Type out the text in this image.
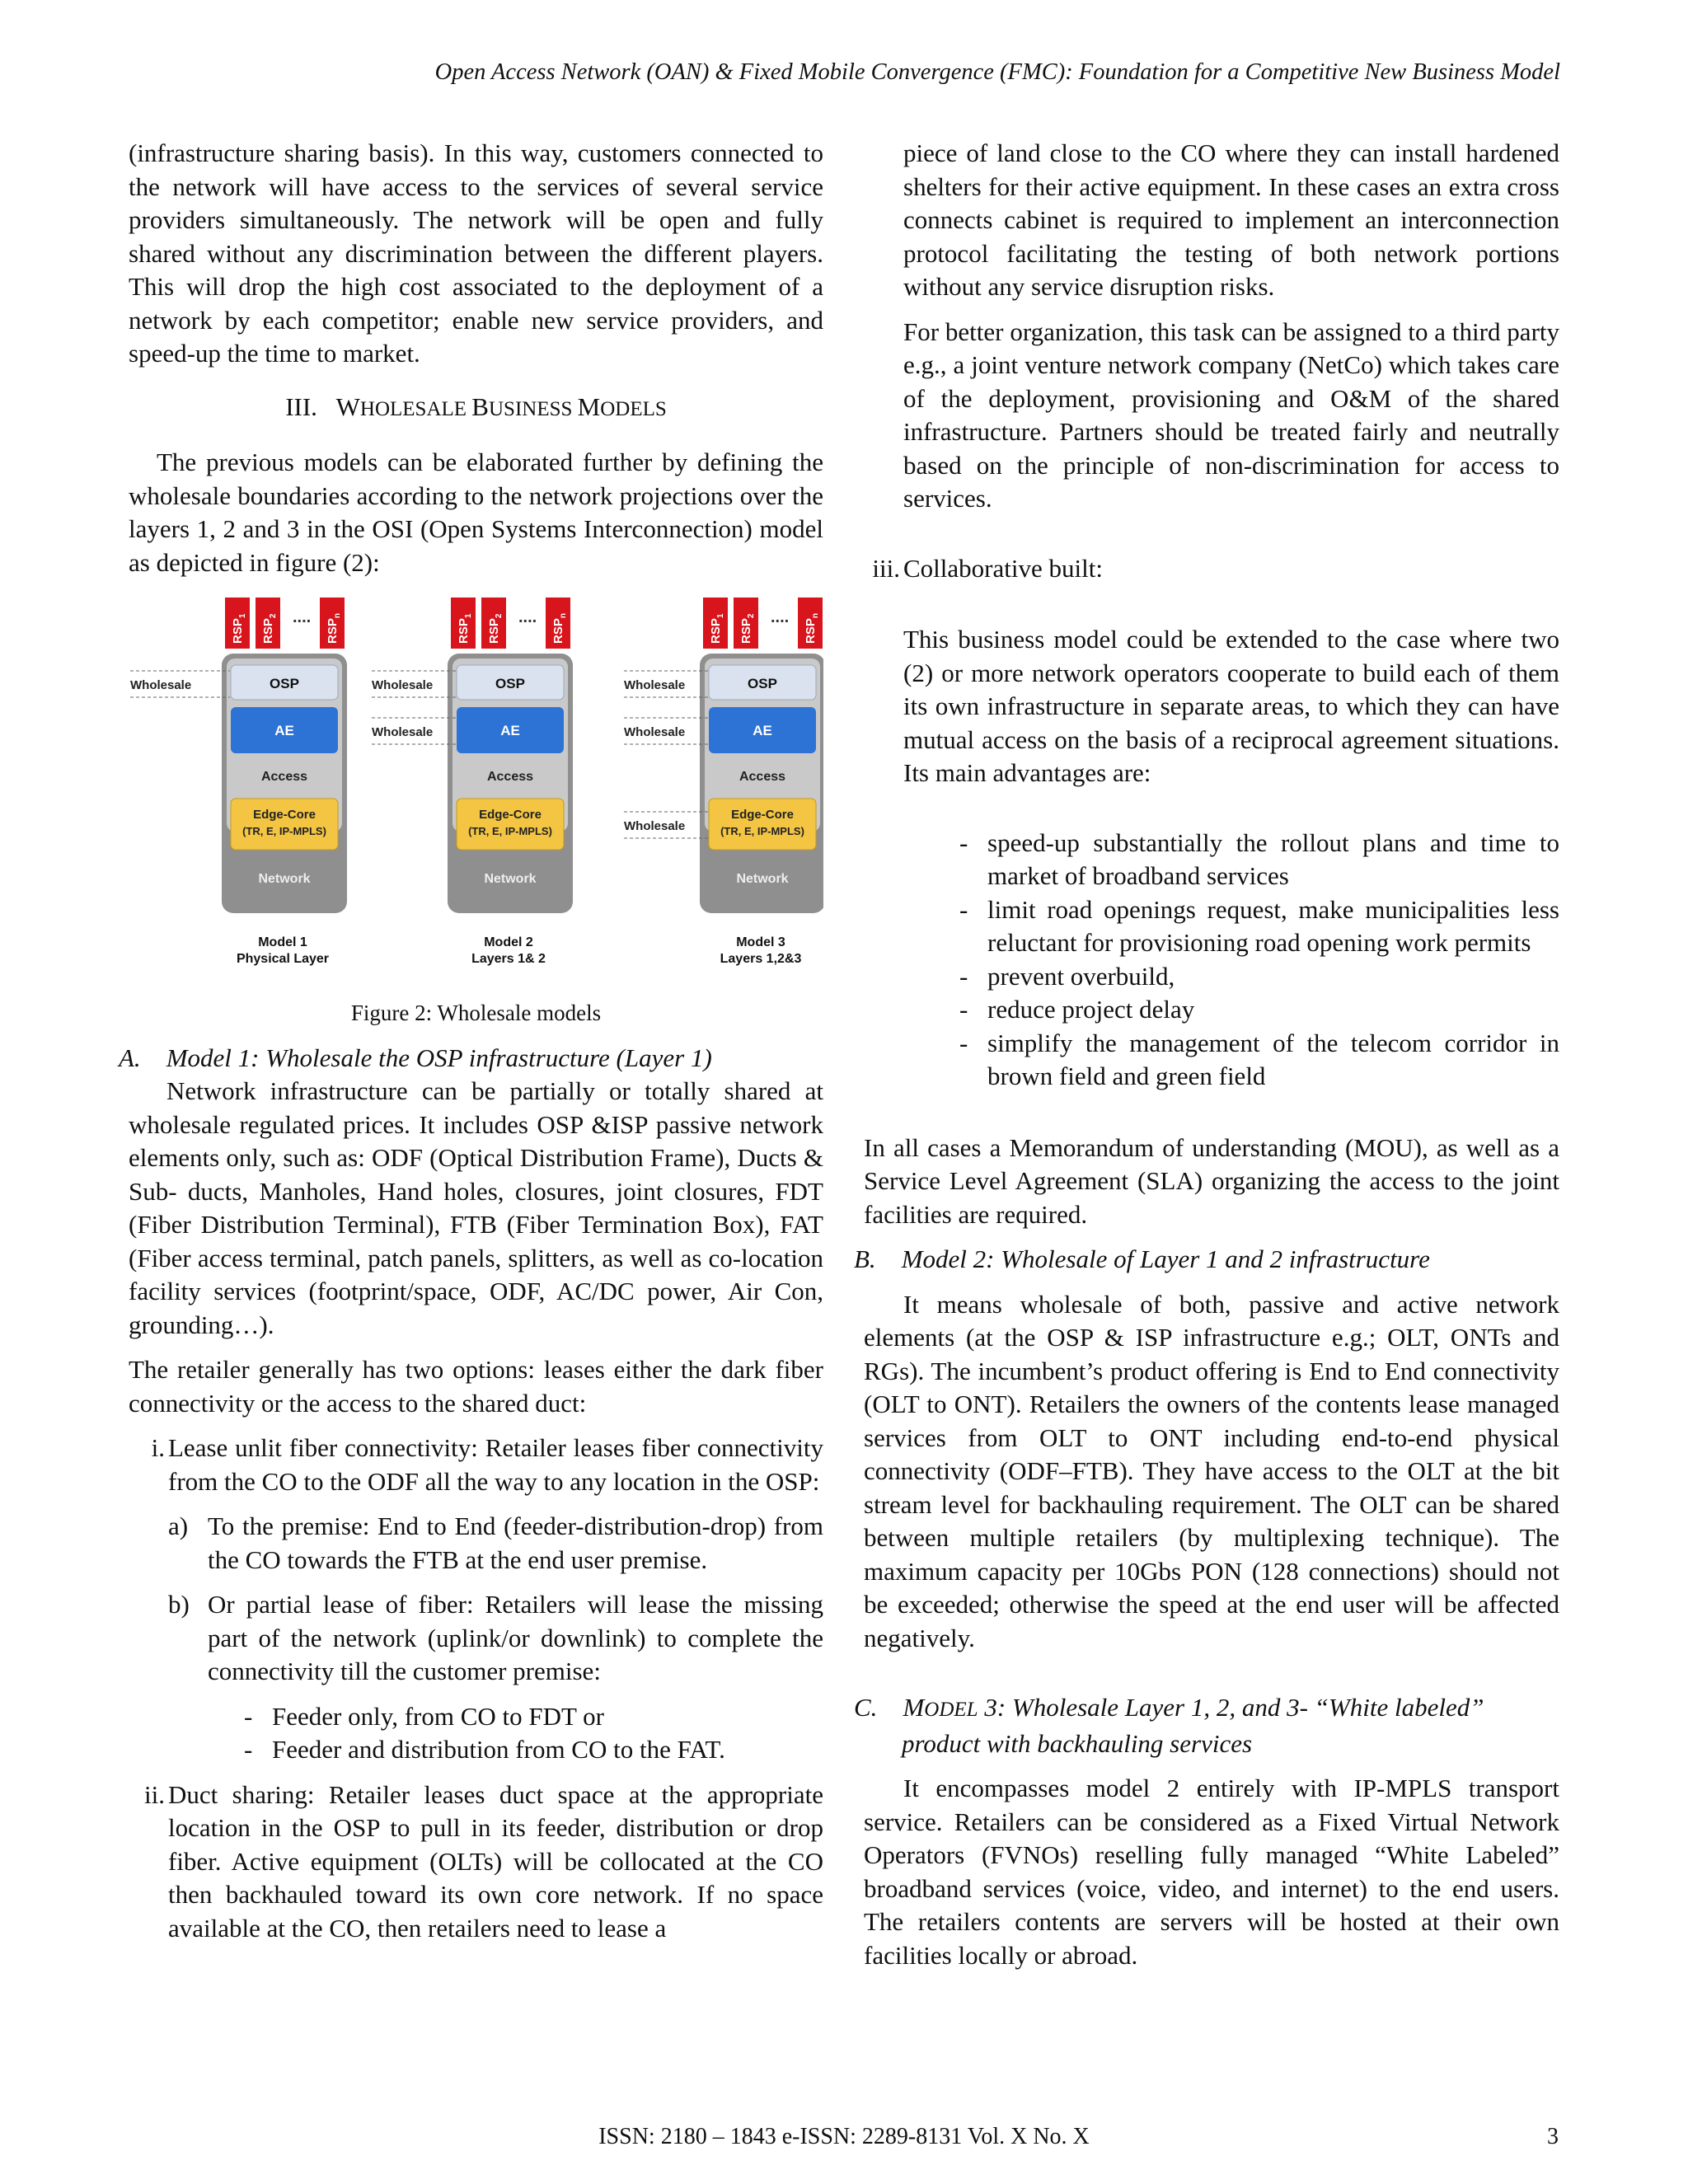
Open Access Network (OAN) & Fixed Mobile Convergence (FMC): Foundation for a Competitive New Business Model

(infrastructure sharing basis). In this way, customers connected to the network will have access to the services of several service providers simultaneously. The network will be open and fully shared without any discrimination between the different players. This will drop the high cost associated to the deployment of a network by each competitor; enable new service providers, and speed-up the time to market.

III. WHOLESALE BUSINESS MODELS

The previous models can be elaborated further by defining the wholesale boundaries according to the network projections over the layers 1, 2 and 3 in the OSI (Open Systems Interconnection) model as depicted in figure (2):

$RSP_1$
$RSP_2$
$RSP_n$
....
OSP
AE
Access
Edge-Core
(TR, E, IP-MPLS)
Network
Wholesale
Model 1
Physical Layer
$RSP_1$
$RSP_2$
$RSP_n$
....
OSP
AE
Access
Edge-Core
(TR, E, IP-MPLS)
Network
Wholesale
Wholesale
Model 2
Layers 1& 2
$RSP_1$
$RSP_2$
$RSP_n$
....
OSP
AE
Access
Edge-Core
(TR, E, IP-MPLS)
Network
Wholesale
Wholesale
Wholesale
Model 3
Layers 1,2&3
Figure 2: Wholesale models
A. Model 1: Wholesale the OSP infrastructure (Layer 1)

Network infrastructure can be partially or totally shared at wholesale regulated prices. It includes OSP &ISP passive network elements only, such as: ODF (Optical Distribution Frame), Ducts & Sub- ducts, Manholes, Hand holes, closures, joint closures, FDT (Fiber Distribution Terminal), FTB (Fiber Termination Box), FAT (Fiber access terminal, patch panels, splitters, as well as co-location facility services (footprint/space, ODF, AC/DC power, Air Con, grounding…).

The retailer generally has two options: leases either the dark fiber connectivity or the access to the shared duct:

i. Lease unlit fiber connectivity: Retailer leases fiber connectivity from the CO to the ODF all the way to any location in the OSP:
a) To the premise: End to End (feeder-distribution-drop) from the CO towards the FTB at the end user premise.
b) Or partial lease of fiber: Retailers will lease the missing part of the network (uplink/or downlink) to complete the connectivity till the customer premise:
- Feeder only, from CO to FDT or
- Feeder and distribution from CO to the FAT.
ii. Duct sharing: Retailer leases duct space at the appropriate location in the OSP to pull in its feeder, distribution or drop fiber. Active equipment (OLTs) will be collocated at the CO then backhauled toward its own core network. If no space available at the CO, then retailers need to lease a

piece of land close to the CO where they can install hardened shelters for their active equipment. In these cases an extra cross connects cabinet is required to implement an interconnection protocol facilitating the testing of both network portions without any service disruption risks.

For better organization, this task can be assigned to a third party e.g., a joint venture network company (NetCo) which takes care of the deployment, provisioning and O&M of the shared infrastructure. Partners should be treated fairly and neutrally based on the principle of non-discrimination for access to services.

iii. Collaborative built:

This business model could be extended to the case where two (2) or more network operators cooperate to build each of them its own infrastructure in separate areas, to which they can have mutual access on the basis of a reciprocal agreement situations. Its main advantages are:

- speed-up substantially the rollout plans and time to market of broadband services
- limit road openings request, make municipalities less reluctant for provisioning road opening work permits
- prevent overbuild,
- reduce project delay
- simplify the management of the telecom corridor in brown field and green field

In all cases a Memorandum of understanding (MOU), as well as a Service Level Agreement (SLA) organizing the access to the joint facilities are required.

B. Model 2: Wholesale of Layer 1 and 2 infrastructure

It means wholesale of both, passive and active network elements (at the OSP & ISP infrastructure e.g.; OLT, ONTs and RGs). The incumbent’s product offering is End to End connectivity (OLT to ONT). Retailers the owners of the contents lease managed services from OLT to ONT including end-to-end physical connectivity (ODF–FTB). They have access to the OLT at the bit stream level for backhauling requirement. The OLT can be shared between multiple retailers (by multiplexing technique). The maximum capacity per 10Gbs PON (128 connections) should not be exceeded; otherwise the speed at the end user will be affected negatively.

C. MODEL 3: Wholesale Layer 1, 2, and 3- “White labeled”
product with backhauling services

It encompasses model 2 entirely with IP-MPLS transport service. Retailers can be considered as a Fixed Virtual Network Operators (FVNOs) reselling fully managed “White Labeled” broadband services (voice, video, and internet) to the end users. The retailers contents are servers will be hosted at their own facilities locally or abroad.

ISSN: 2180 – 1843 e-ISSN: 2289-8131 Vol. X No. X	3
